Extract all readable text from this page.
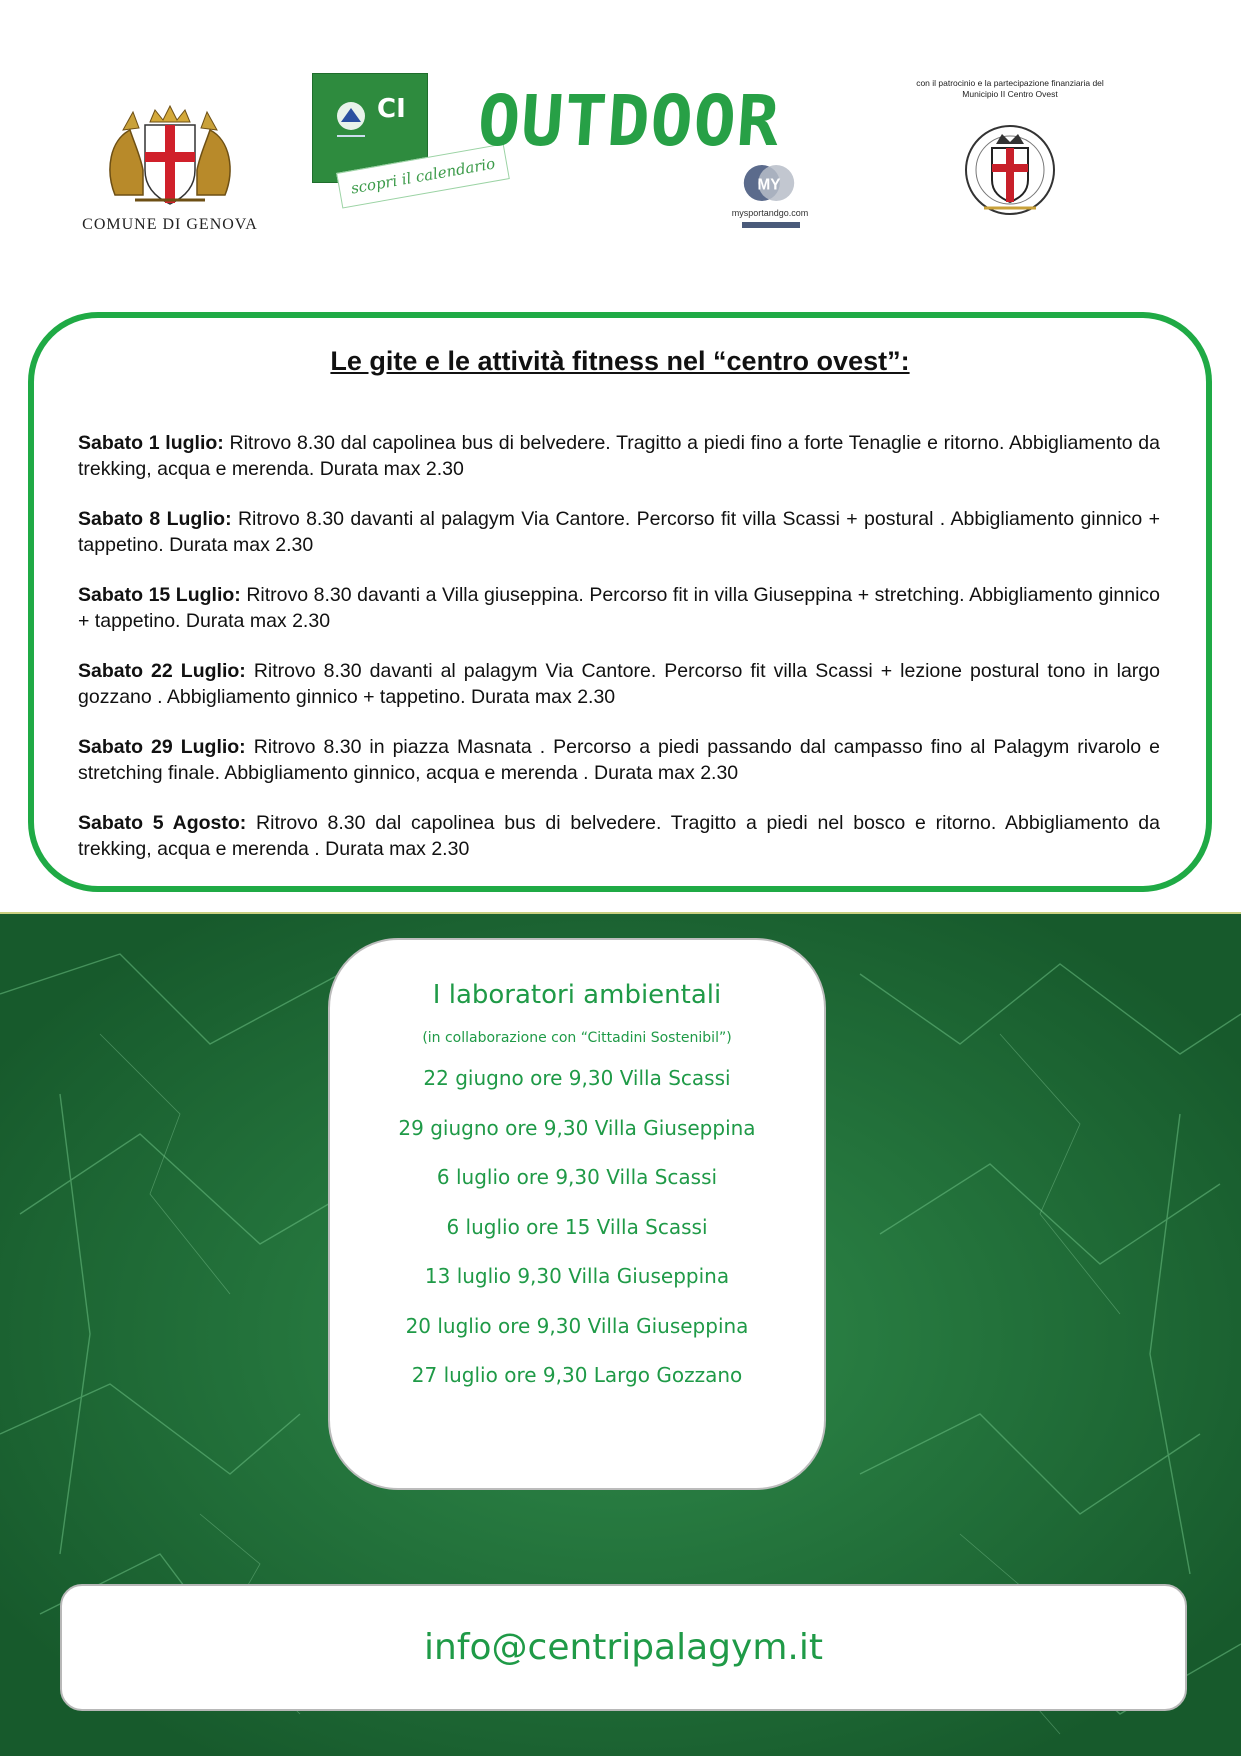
COMUNE DI GENOVA
ϹI
scopri il calendario
OUTDOOR
MY
mysportandgo.com
con il patrocinio e la partecipazione finanziaria del
Municipio II Centro Ovest
Le gite e le attività fitness nel “centro ovest”:
Sabato 1 luglio: Ritrovo 8.30 dal capolinea bus di belvedere. Tragitto a piedi fino a forte Tenaglie e ritorno. Abbigliamento da trekking, acqua e merenda. Durata max 2.30
Sabato 8 Luglio: Ritrovo 8.30 davanti al palagym Via Cantore. Percorso fit villa Scassi + postural . Abbigliamento ginnico + tappetino. Durata max 2.30
Sabato 15 Luglio: Ritrovo 8.30 davanti a Villa giuseppina. Percorso fit in villa Giuseppina + stretching. Abbigliamento ginnico + tappetino. Durata max 2.30
Sabato 22 Luglio: Ritrovo 8.30 davanti al palagym Via Cantore. Percorso fit villa Scassi + lezione postural tono in largo gozzano . Abbigliamento ginnico + tappetino. Durata max 2.30
Sabato 29 Luglio: Ritrovo 8.30 in piazza Masnata . Percorso a piedi passando dal campasso fino al Palagym rivarolo e stretching finale. Abbigliamento ginnico, acqua e merenda . Durata max 2.30
Sabato 5 Agosto: Ritrovo 8.30 dal capolinea bus di belvedere. Tragitto a piedi nel bosco e ritorno. Abbigliamento da trekking, acqua e merenda . Durata max 2.30
I laboratori ambientali
(in collaborazione con “Cittadini Sostenibil”)
22 giugno ore 9,30 Villa Scassi
29 giugno ore 9,30 Villa Giuseppina
6 luglio ore 9,30 Villa Scassi
6 luglio ore 15 Villa Scassi
13 luglio 9,30 Villa Giuseppina
20 luglio ore 9,30 Villa Giuseppina
27 luglio ore 9,30 Largo Gozzano
info@centripalagym.it
